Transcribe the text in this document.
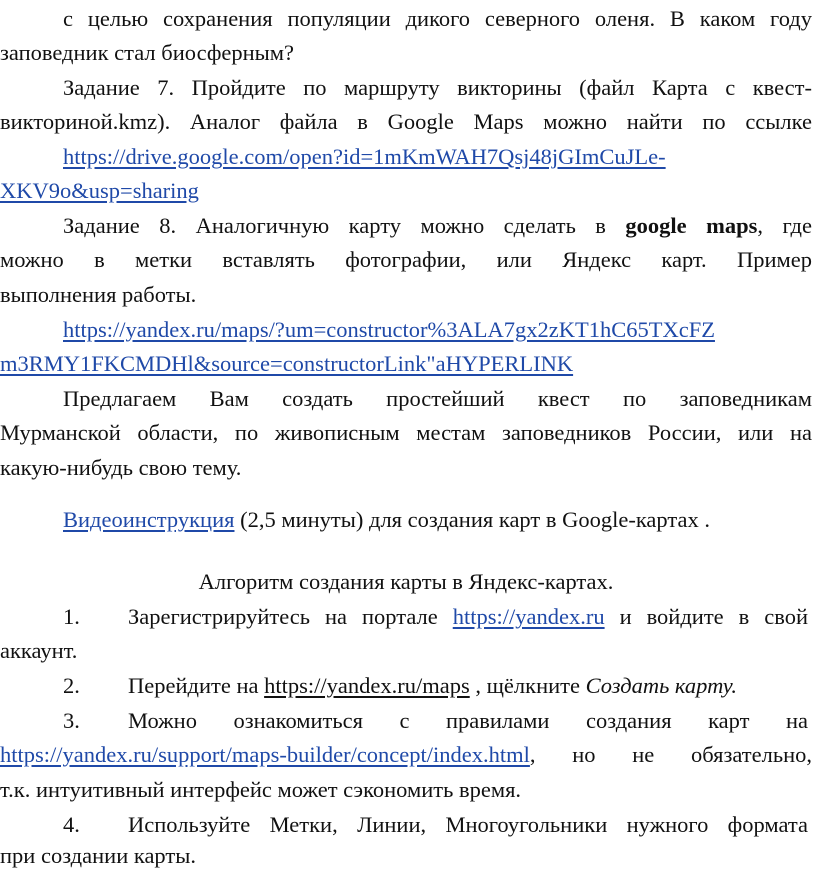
с целью сохранения популяции дикого северного оленя. В каком году
заповедник стал биосферным?
Задание 7. Пройдите по маршруту викторины (файл Карта с квест-
викториной.kmz). Аналог файла в Google Maps можно найти по ссылке
https://drive.google.com/open?id=1mKmWAH7Qsj48jGImCuJLe-
XKV9o&usp=sharing
Задание 8. Аналогичную карту можно сделать в google maps, где
можно в метки вставлять фотографии, или Яндекс карт. Пример
выполнения работы.
https://yandex.ru/maps/?um=constructor%3ALA7gx2zKT1hC65TXcFZ
m3RMY1FKCMDHl&source=constructorLink"aHYPERLINK
Предлагаем Вам создать простейший квест по заповедникам
Мурманской области, по живописным местам заповедников России, или на
какую-нибудь свою тему.
Видеоинструкция (2,5 минуты) для создания карт в Google-картах .
Алгоритм создания карты в Яндекс-картах.
1. Зарегистрируйтесь на портале https://yandex.ru и войдите в свой
аккаунт.
2. Перейдите на https://yandex.ru/maps , щёлкните Создать карту.
3. Можно ознакомиться с правилами создания карт на
https://yandex.ru/support/maps-builder/concept/index.html, но не обязательно,
т.к. интуитивный интерфейс может сэкономить время.
4. Используйте Метки, Линии, Многоугольники нужного формата
при создании карты.
